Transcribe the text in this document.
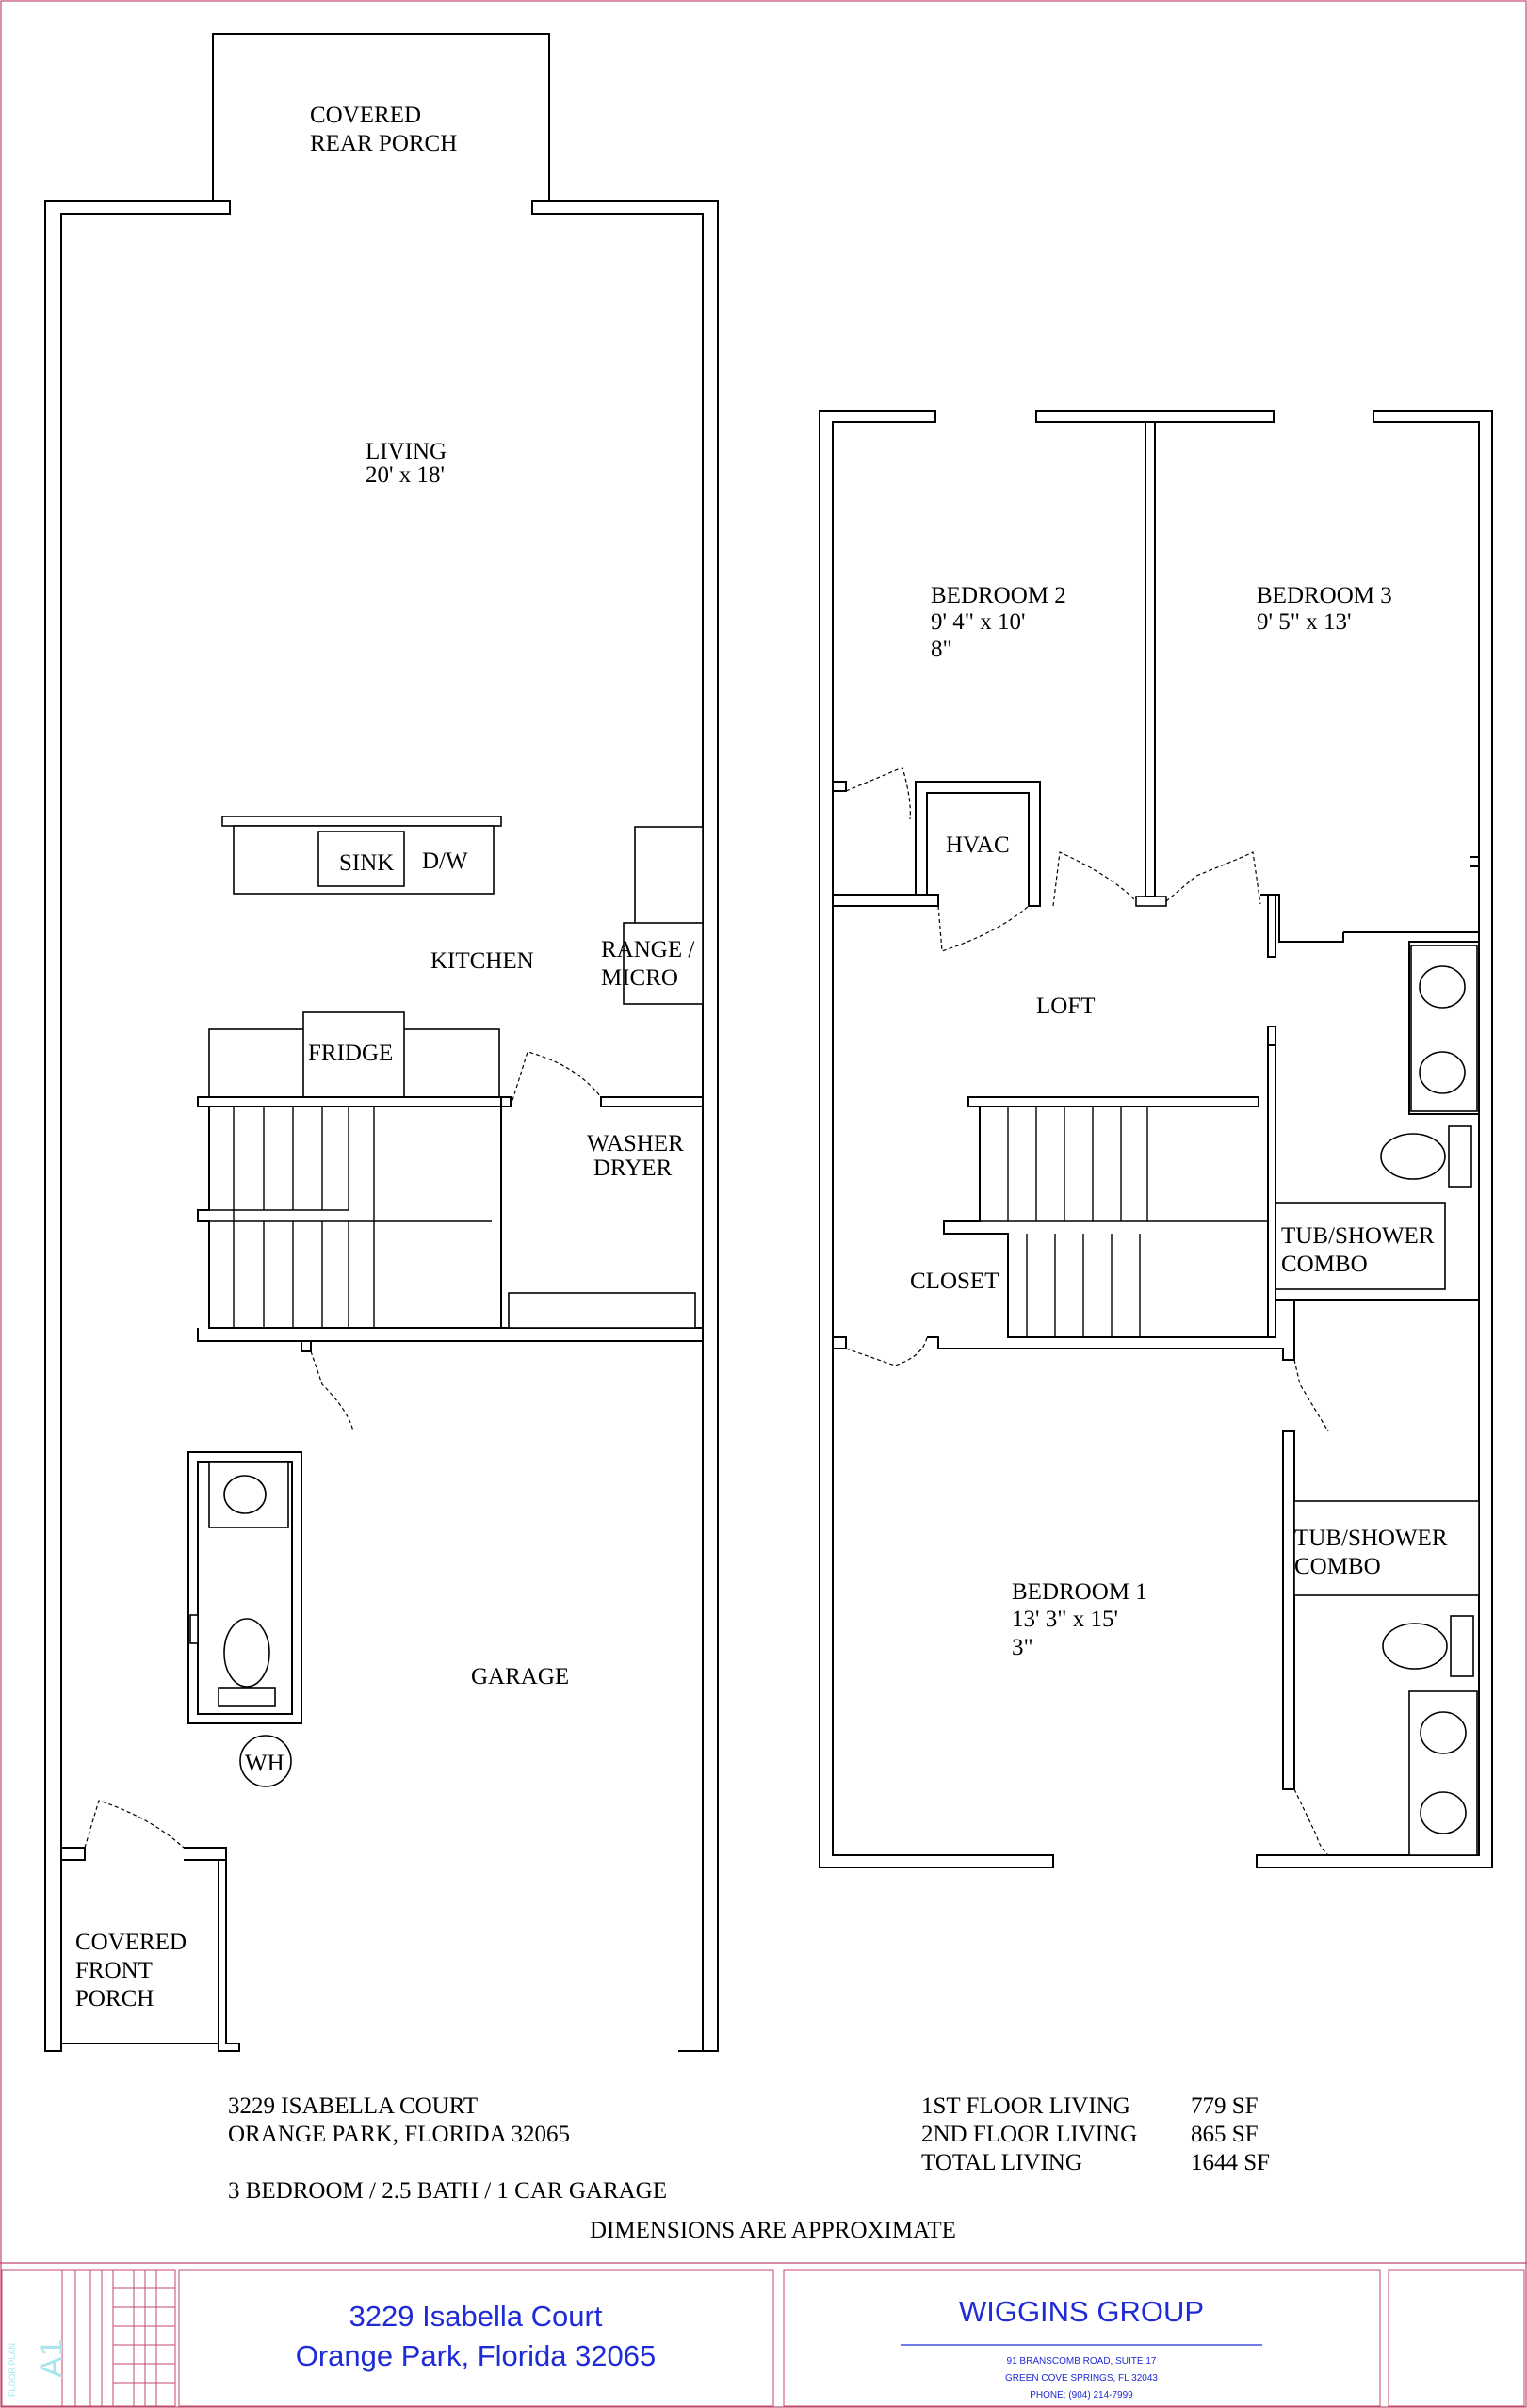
COVERED
REAR PORCH
LIVING
20' x 18'
SINK D/W
KITCHEN	RANGE /
MICRO
FRIDGE
WASHER
DRYER
GARAGE
WH
COVERED
FRONT
PORCH
BEDROOM 2
9' 4" x 10'
8"
BEDROOM 3
9' 5" x 13'
HVAC
LOFT
TUB/SHOWER
COMBO
CLOSET
TUB/SHOWER
COMBO
BEDROOM 1
13' 3" x 15'
3"
3229 ISABELLA COURT
ORANGE PARK, FLORIDA 32065
3 BEDROOM / 2.5 BATH / 1 CAR GARAGE
DIMENSIONS ARE APPROXIMATE
1ST FLOOR LIVING	779 SF
2ND FLOOR LIVING 865 SF
TOTAL LIVING	1644 SF
A1
FLOOR PLAN
3229 Isabella Court
Orange Park, Florida 32065
WIGGINS GROUP
91 BRANSCOMB ROAD, SUITE 17
GREEN COVE SPRINGS, FL 32043
PHONE: (904) 214-7999
